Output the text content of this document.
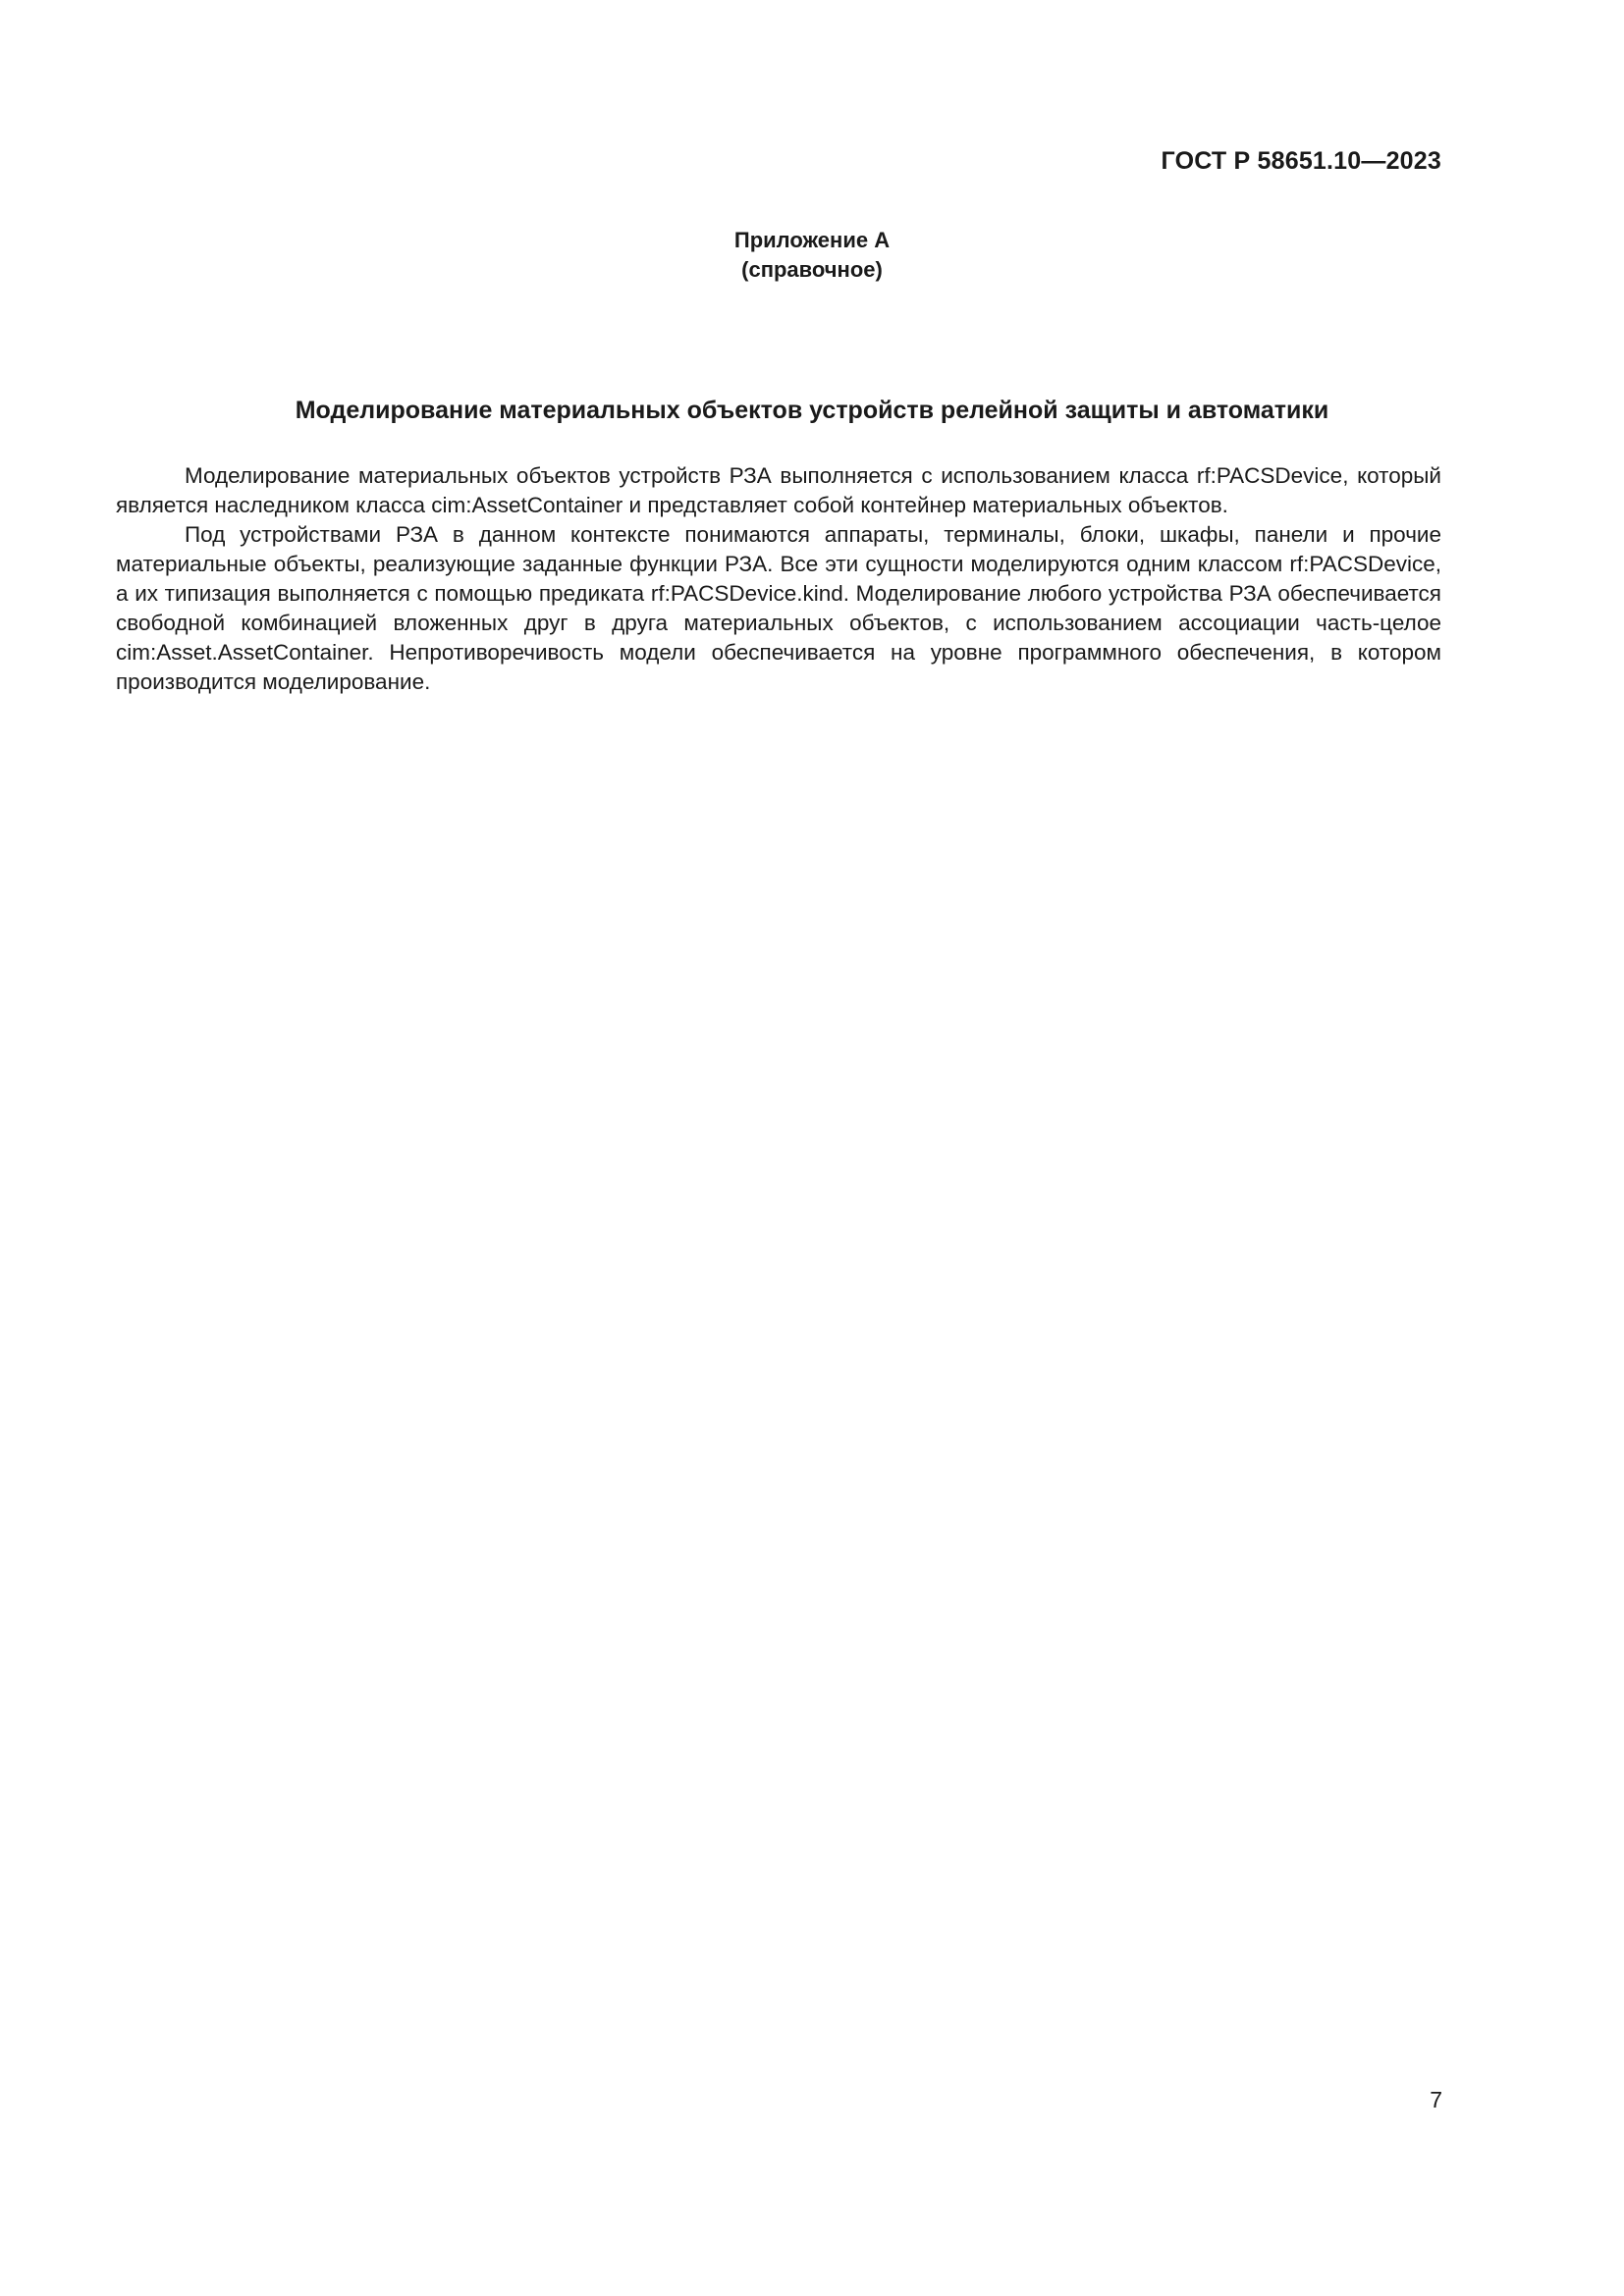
ГОСТ Р 58651.10—2023
Приложение А
(справочное)
Моделирование материальных объектов устройств релейной защиты и автоматики

Моделирование материальных объектов устройств РЗА выполняется с использованием класса rf:PACSDevice, который является наследником класса cim:AssetContainer и представляет собой контейнер материальных объектов.

Под устройствами РЗА в данном контексте понимаются аппараты, терминалы, блоки, шкафы, панели и прочие материальные объекты, реализующие заданные функции РЗА. Все эти сущности моделируются одним классом rf:PACSDevice, а их типизация выполняется с помощью предиката rf:PACSDevice.kind. Моделирование любого устройства РЗА обеспечивается свободной комбинацией вложенных друг в друга материальных объектов, с использованием ассоциации часть-целое cim:Asset.AssetContainer. Непротиворечивость модели обеспечивается на уровне программного обеспечения, в котором производится моделирование.

7
